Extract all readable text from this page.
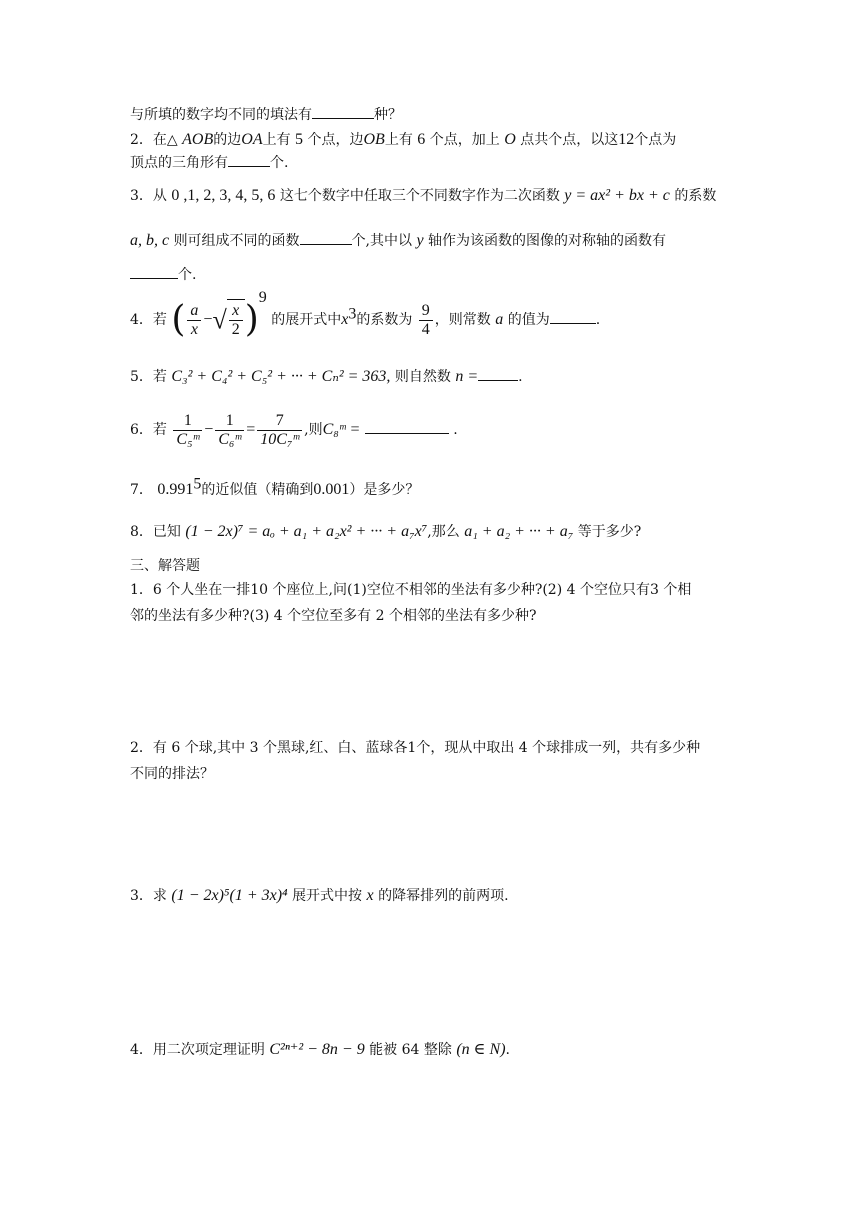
与所填的数字均不同的填法有	种？
2．在△ AOB的边OA上有 5 个点，边OB上有 6 个点，加上 O 点共个点，以这12个点为
顶点的三角形有	个.
3．从 0 ,1, 2, 3, 4, 5, 6 这七个数字中任取三个不同数字作为二次函数 y = ax² + bx + c 的系数
a, b, c 则可组成不同的函数	个,其中以 y 轴作为该函数的图像的对称轴的函数有
个.
4．若 ( $\frac{a}{x}$ −√ $\frac{x}{2} )^9$ 的展开式中$x^3$的系数为 $\frac{9}{4}$ ，则常数 a 的值为	.
5．若 C₃² + C₄² + C₅² + ··· + Cₙ² = 363, 则自然数 n =	.
6．若 $\frac{1}{\text{C₅ᵐ}} - \frac{1}{\text{C₆ᵐ}} = \frac{7}{\text{10C₇ᵐ}}$ ,则C₈ᵐ =	.
7． 0.991$^5$的近似值（精确到0.001）是多少？
8．已知 (1 − 2x)⁷ = aₒ + a₁ + a₂x² + ··· + a₇x⁷,那么 a₁ + a₂ + ··· + a₇ 等于多少?
三、解答题
1．6 个人坐在一排10 个座位上,问(1)空位不相邻的坐法有多少种?(2) 4 个空位只有3 个相
邻的坐法有多少种?(3) 4 个空位至多有 2 个相邻的坐法有多少种?
2．有 6 个球,其中 3 个黑球,红、白、蓝球各1个，现从中取出 4 个球排成一列，共有多少种
不同的排法？
3．求 (1 − 2x)⁵(1 + 3x)⁴ 展开式中按 x 的降幂排列的前两项.
4．用二次项定理证明 C²ⁿ⁺² − 8n − 9 能被 64 整除 (n ∈ N).
